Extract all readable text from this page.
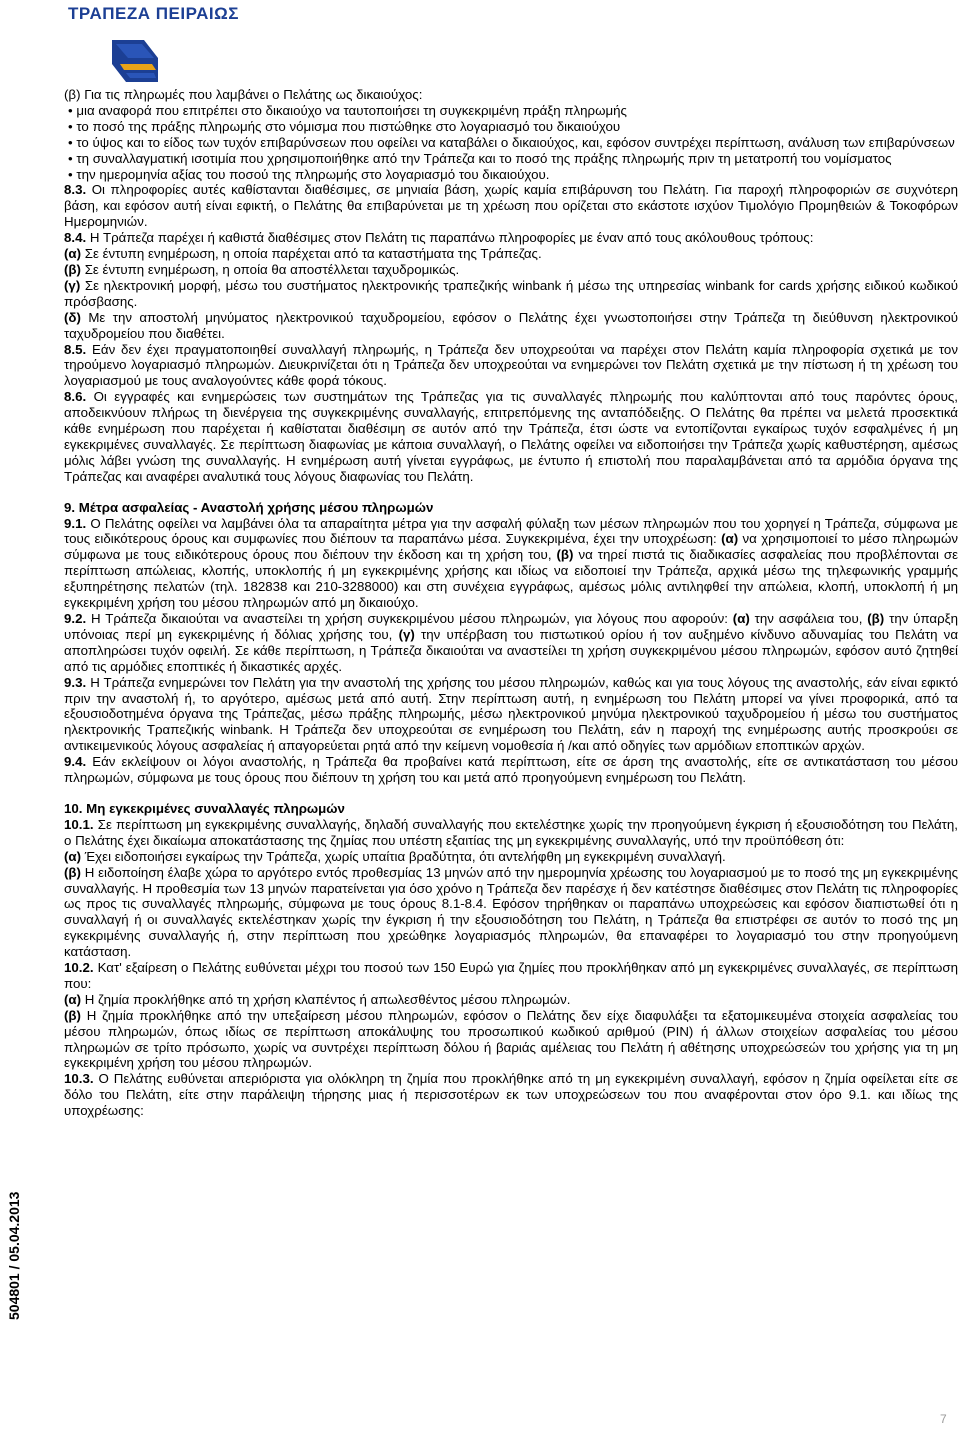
ΤΡΑΠΕΖΑ ΠΕΙΡΑΙΩΣ
504801 / 05.04.2013

(β) Για τις πληρωμές που λαμβάνει ο Πελάτης ως δικαιούχος:

• μια αναφορά που επιτρέπει στο δικαιούχο να ταυτοποιήσει τη συγκεκριμένη πράξη πληρωμής

• το ποσό της πράξης πληρωμής στο νόμισμα που πιστώθηκε στο λογαριασμό του δικαιούχου

• το ύψος και το είδος των τυχόν επιβαρύνσεων που οφείλει να καταβάλει ο δικαιούχος, και, εφόσον συντρέχει περίπτωση, ανάλυση των επιβαρύνσεων

• τη συναλλαγματική ισοτιμία που χρησιμοποιήθηκε από την Τράπεζα και το ποσό της πράξης πληρωμής πριν τη μετατροπή του νομίσματος

• την ημερομηνία αξίας του ποσού της πληρωμής στο λογαριασμό του δικαιούχου.

8.3. Οι πληροφορίες αυτές καθίστανται διαθέσιμες, σε μηνιαία βάση, χωρίς καμία επιβάρυνση του Πελάτη. Για παροχή πληροφοριών σε συχνότερη βάση, και εφόσον αυτή είναι εφικτή, ο Πελάτης θα επιβαρύνεται με τη χρέωση που ορίζεται στο εκάστοτε ισχύον Τιμολόγιο Προμηθειών & Τοκοφόρων Ημερομηνιών.

8.4. Η Τράπεζα παρέχει ή καθιστά διαθέσιμες στον Πελάτη τις παραπάνω πληροφορίες με έναν από τους ακόλουθους τρόπους:

(α) Σε έντυπη ενημέρωση, η οποία παρέχεται από τα καταστήματα της Τράπεζας.

(β) Σε έντυπη ενημέρωση, η οποία θα αποστέλλεται ταχυδρομικώς.

(γ) Σε ηλεκτρονική μορφή, μέσω του συστήματος ηλεκτρονικής τραπεζικής winbank ή μέσω της υπηρεσίας winbank for cards χρήσης ειδικού κωδικού πρόσβασης.

(δ) Με την αποστολή μηνύματος ηλεκτρονικού ταχυδρομείου, εφόσον ο Πελάτης έχει γνωστοποιήσει στην Τράπεζα τη διεύθυνση ηλεκτρονικού ταχυδρομείου που διαθέτει.

8.5. Εάν δεν έχει πραγματοποιηθεί συναλλαγή πληρωμής, η Τράπεζα δεν υποχρεούται να παρέχει στον Πελάτη καμία πληροφορία σχετικά με τον τηρούμενο λογαριασμό πληρωμών. Διευκρινίζεται ότι η Τράπεζα δεν υποχρεούται να ενημερώνει τον Πελάτη σχετικά με την πίστωση ή τη χρέωση του λογαριασμού με τους αναλογούντες κάθε φορά τόκους.

8.6. Οι εγγραφές και ενημερώσεις των συστημάτων της Τράπεζας για τις συναλλαγές πληρωμής που καλύπτονται από τους παρόντες όρους, αποδεικνύουν πλήρως τη διενέργεια της συγκεκριμένης συναλλαγής, επιτρεπόμενης της ανταπόδειξης. Ο Πελάτης θα πρέπει να μελετά προσεκτικά κάθε ενημέρωση που παρέχεται ή καθίσταται διαθέσιμη σε αυτόν από την Τράπεζα, έτσι ώστε να εντοπίζονται εγκαίρως τυχόν εσφαλμένες ή μη εγκεκριμένες συναλλαγές. Σε περίπτωση διαφωνίας με κάποια συναλλαγή, ο Πελάτης οφείλει να ειδοποιήσει την Τράπεζα χωρίς καθυστέρηση, αμέσως μόλις λάβει γνώση της συναλλαγής. Η ενημέρωση αυτή γίνεται εγγράφως, με έντυπο ή επιστολή που παραλαμβάνεται από τα αρμόδια όργανα της Τράπεζας και αναφέρει αναλυτικά τους λόγους διαφωνίας του Πελάτη.

9. Μέτρα ασφαλείας - Αναστολή χρήσης μέσου πληρωμών

9.1. Ο Πελάτης οφείλει να λαμβάνει όλα τα απαραίτητα μέτρα για την ασφαλή φύλαξη των μέσων πληρωμών που του χορηγεί η Τράπεζα, σύμφωνα με τους ειδικότερους όρους και συμφωνίες που διέπουν τα παραπάνω μέσα. Συγκεκριμένα, έχει την υποχρέωση: (α) να χρησιμοποιεί το μέσο πληρωμών σύμφωνα με τους ειδικότερους όρους που διέπουν την έκδοση και τη χρήση του, (β) να τηρεί πιστά τις διαδικασίες ασφαλείας που προβλέπονται σε περίπτωση απώλειας, κλοπής, υποκλοπής ή μη εγκεκριμένης χρήσης και ιδίως να ειδοποιεί την Τράπεζα, αρχικά μέσω της τηλεφωνικής γραμμής εξυπηρέτησης πελατών (τηλ. 182838 και 210-3288000) και στη συνέχεια εγγράφως, αμέσως μόλις αντιληφθεί την απώλεια, κλοπή, υποκλοπή ή μη εγκεκριμένη χρήση του μέσου πληρωμών από μη δικαιούχο.

9.2. Η Τράπεζα δικαιούται να αναστείλει τη χρήση συγκεκριμένου μέσου πληρωμών, για λόγους που αφορούν: (α) την ασφάλεια του, (β) την ύπαρξη υπόνοιας περί μη εγκεκριμένης ή δόλιας χρήσης του, (γ) την υπέρβαση του πιστωτικού ορίου ή τον αυξημένο κίνδυνο αδυναμίας του Πελάτη να αποπληρώσει τυχόν οφειλή. Σε κάθε περίπτωση, η Τράπεζα δικαιούται να αναστείλει τη χρήση συγκεκριμένου μέσου πληρωμών, εφόσον αυτό ζητηθεί από τις αρμόδιες εποπτικές ή δικαστικές αρχές.

9.3. Η Τράπεζα ενημερώνει τον Πελάτη για την αναστολή της χρήσης του μέσου πληρωμών, καθώς και για τους λόγους της αναστολής, εάν είναι εφικτό πριν την αναστολή ή, το αργότερο, αμέσως μετά από αυτή. Στην περίπτωση αυτή, η ενημέρωση του Πελάτη μπορεί να γίνει προφορικά, από τα εξουσιοδοτημένα όργανα της Τράπεζας, μέσω πράξης πληρωμής, μέσω ηλεκτρονικού μηνύμα ηλεκτρονικού ταχυδρομείου ή μέσω του συστήματος ηλεκτρονικής Τραπεζικής winbank. Η Τράπεζα δεν υποχρεούται σε ενημέρωση του Πελάτη, εάν η παροχή της ενημέρωσης αυτής προσκρούει σε αντικειμενικούς λόγους ασφαλείας ή απαγορεύεται ρητά από την κείμενη νομοθεσία ή /και από οδηγίες των αρμόδιων εποπτικών αρχών.

9.4. Εάν εκλείψουν οι λόγοι αναστολής, η Τράπεζα θα προβαίνει κατά περίπτωση, είτε σε άρση της αναστολής, είτε σε αντικατάσταση του μέσου πληρωμών, σύμφωνα με τους όρους που διέπουν τη χρήση του και μετά από προηγούμενη ενημέρωση του Πελάτη.

10. Μη εγκεκριμένες συναλλαγές πληρωμών

10.1. Σε περίπτωση μη εγκεκριμένης συναλλαγής, δηλαδή συναλλαγής που εκτελέστηκε χωρίς την προηγούμενη έγκριση ή εξουσιοδότηση του Πελάτη, ο Πελάτης έχει δικαίωμα αποκατάστασης της ζημίας που υπέστη εξαιτίας της μη εγκεκριμένης συναλλαγής, υπό την προϋπόθεση ότι:

(α) Έχει ειδοποιήσει εγκαίρως την Τράπεζα, χωρίς υπαίτια βραδύτητα, ότι αντελήφθη μη εγκεκριμένη συναλλαγή.

(β) Η ειδοποίηση έλαβε χώρα το αργότερο εντός προθεσμίας 13 μηνών από την ημερομηνία χρέωσης του λογαριασμού με το ποσό της μη εγκεκριμένης συναλλαγής. Η προθεσμία των 13 μηνών παρατείνεται για όσο χρόνο η Τράπεζα δεν παρέσχε ή δεν κατέστησε διαθέσιμες στον Πελάτη τις πληροφορίες ως προς τις συναλλαγές πληρωμής, σύμφωνα με τους όρους 8.1-8.4. Εφόσον τηρήθηκαν οι παραπάνω υποχρεώσεις και εφόσον διαπιστωθεί ότι η συναλλαγή ή οι συναλλαγές εκτελέστηκαν χωρίς την έγκριση ή την εξουσιοδότηση του Πελάτη, η Τράπεζα θα επιστρέφει σε αυτόν το ποσό της μη εγκεκριμένης συναλλαγής ή, στην περίπτωση που χρεώθηκε λογαριασμός πληρωμών, θα επαναφέρει το λογαριασμό του στην προηγούμενη κατάσταση.

10.2. Κατ' εξαίρεση ο Πελάτης ευθύνεται μέχρι του ποσού των 150 Ευρώ για ζημίες που προκλήθηκαν από μη εγκεκριμένες συναλλαγές, σε περίπτωση που:

(α) Η ζημία προκλήθηκε από τη χρήση κλαπέντος ή απωλεσθέντος μέσου πληρωμών.

(β) Η ζημία προκλήθηκε από την υπεξαίρεση μέσου πληρωμών, εφόσον ο Πελάτης δεν είχε διαφυλάξει τα εξατομικευμένα στοιχεία ασφαλείας του μέσου πληρωμών, όπως ιδίως σε περίπτωση αποκάλυψης του προσωπικού κωδικού αριθμού (ΡΙΝ) ή άλλων στοιχείων ασφαλείας του μέσου πληρωμών σε τρίτο πρόσωπο, χωρίς να συντρέχει περίπτωση δόλου ή βαριάς αμέλειας του Πελάτη ή αθέτησης υποχρεώσεών του χρήσης για τη μη εγκεκριμένη χρήση του μέσου πληρωμών.

10.3. Ο Πελάτης ευθύνεται απεριόριστα για ολόκληρη τη ζημία που προκλήθηκε από τη μη εγκεκριμένη συναλλαγή, εφόσον η ζημία οφείλεται είτε σε δόλο του Πελάτη, είτε στην παράλειψη τήρησης μιας ή περισσοτέρων εκ των υποχρεώσεων του που αναφέρονται στον όρο 9.1. και ιδίως της υποχρέωσης:

7
